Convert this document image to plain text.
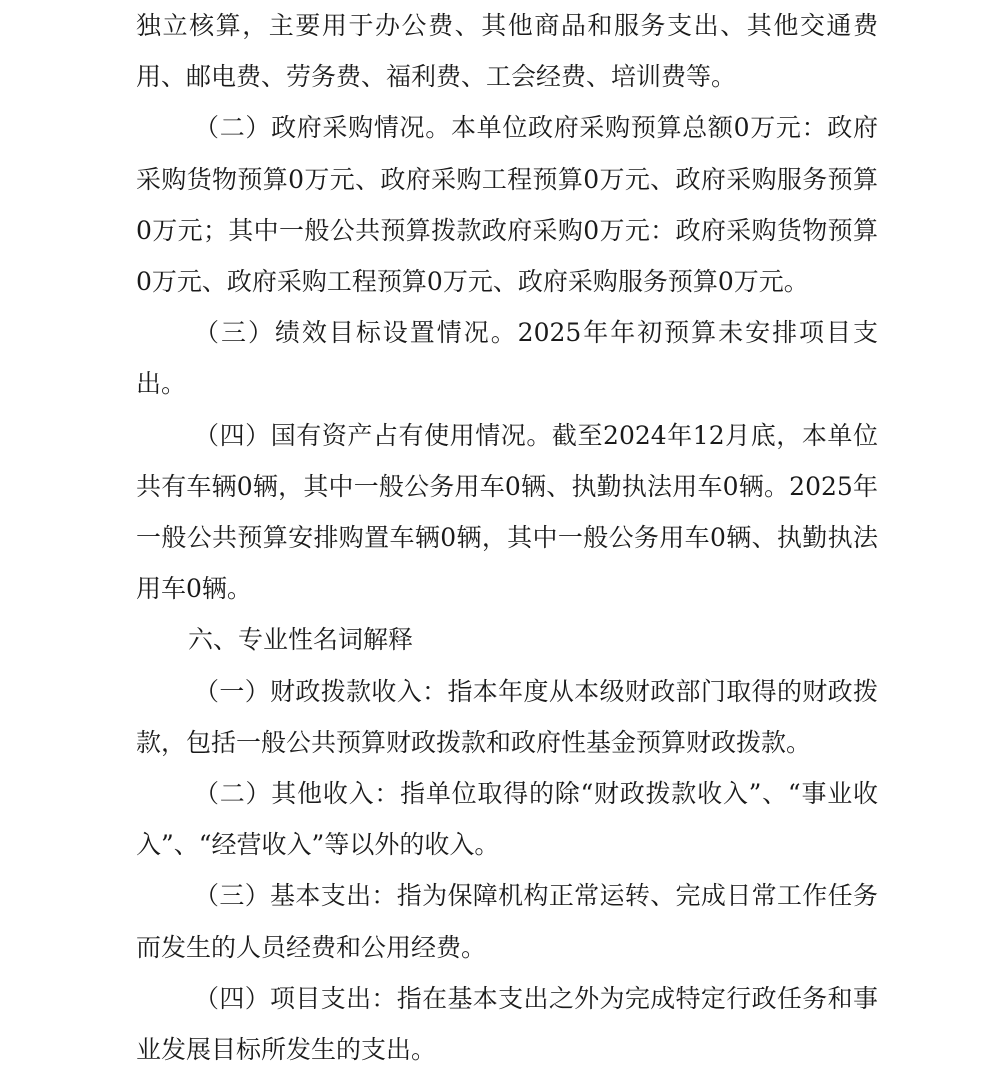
独立核算，主要用于办公费、其他商品和服务支出、其他交通费用、邮电费、劳务费、福利费、工会经费、培训费等。

（二）政府采购情况。本单位政府采购预算总额0万元：政府采购货物预算0万元、政府采购工程预算0万元、政府采购服务预算0万元；其中一般公共预算拨款政府采购0万元：政府采购货物预算0万元、政府采购工程预算0万元、政府采购服务预算0万元。

（三）绩效目标设置情况。2025年年初预算未安排项目支出。

（四）国有资产占有使用情况。截至2024年12月底，本单位共有车辆0辆，其中一般公务用车0辆、执勤执法用车0辆。2025年一般公共预算安排购置车辆0辆，其中一般公务用车0辆、执勤执法用车0辆。

六、专业性名词解释

（一）财政拨款收入：指本年度从本级财政部门取得的财政拨款，包括一般公共预算财政拨款和政府性基金预算财政拨款。

（二）其他收入：指单位取得的除“财政拨款收入”、“事业收入”、“经营收入”等以外的收入。

（三）基本支出：指为保障机构正常运转、完成日常工作任务而发生的人员经费和公用经费。

（四）项目支出：指在基本支出之外为完成特定行政任务和事业发展目标所发生的支出。
